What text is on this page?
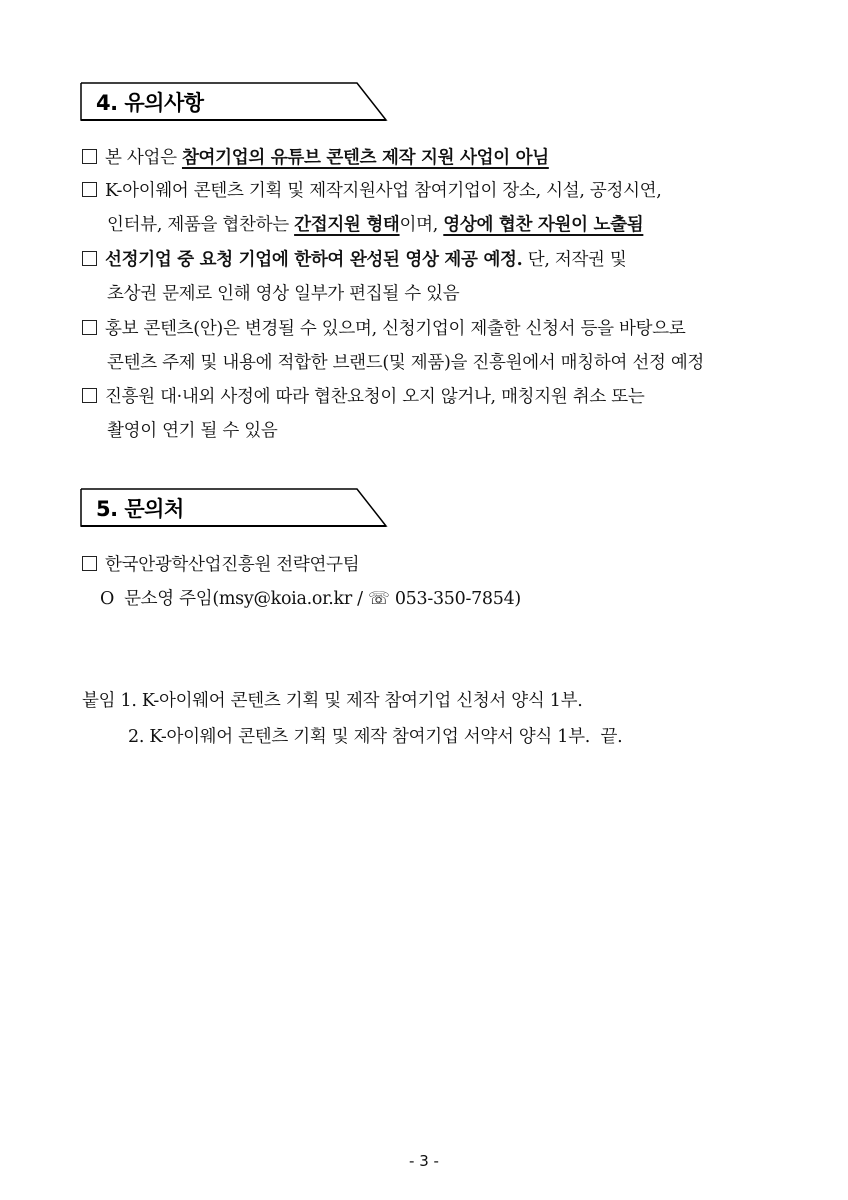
4. 유의사항
본 사업은 참여기업의 유튜브 콘텐츠 제작 지원 사업이 아님
K-아이웨어 콘텐츠 기획 및 제작지원사업 참여기업이 장소, 시설, 공정시연,
인터뷰, 제품을 협찬하는 간접지원 형태이며, 영상에 협찬 자원이 노출됨
선정기업 중 요청 기업에 한하여 완성된 영상 제공 예정. 단, 저작권 및
초상권 문제로 인해 영상 일부가 편집될 수 있음
홍보 콘텐츠(안)은 변경될 수 있으며, 신청기업이 제출한 신청서 등을 바탕으로
콘텐츠 주제 및 내용에 적합한 브랜드(및 제품)을 진흥원에서 매칭하여 선정 예정
진흥원 대·내외 사정에 따라 협찬요청이 오지 않거나, 매칭지원 취소 또는
촬영이 연기 될 수 있음
5. 문의처
한국안광학산업진흥원 전략연구팀
O 문소영 주임(msy@koia.or.kr / ☏ 053-350-7854)
붙임 1. K-아이웨어 콘텐츠 기획 및 제작 참여기업 신청서 양식 1부.
2. K-아이웨어 콘텐츠 기획 및 제작 참여기업 서약서 양식 1부. 끝.
- 3 -
